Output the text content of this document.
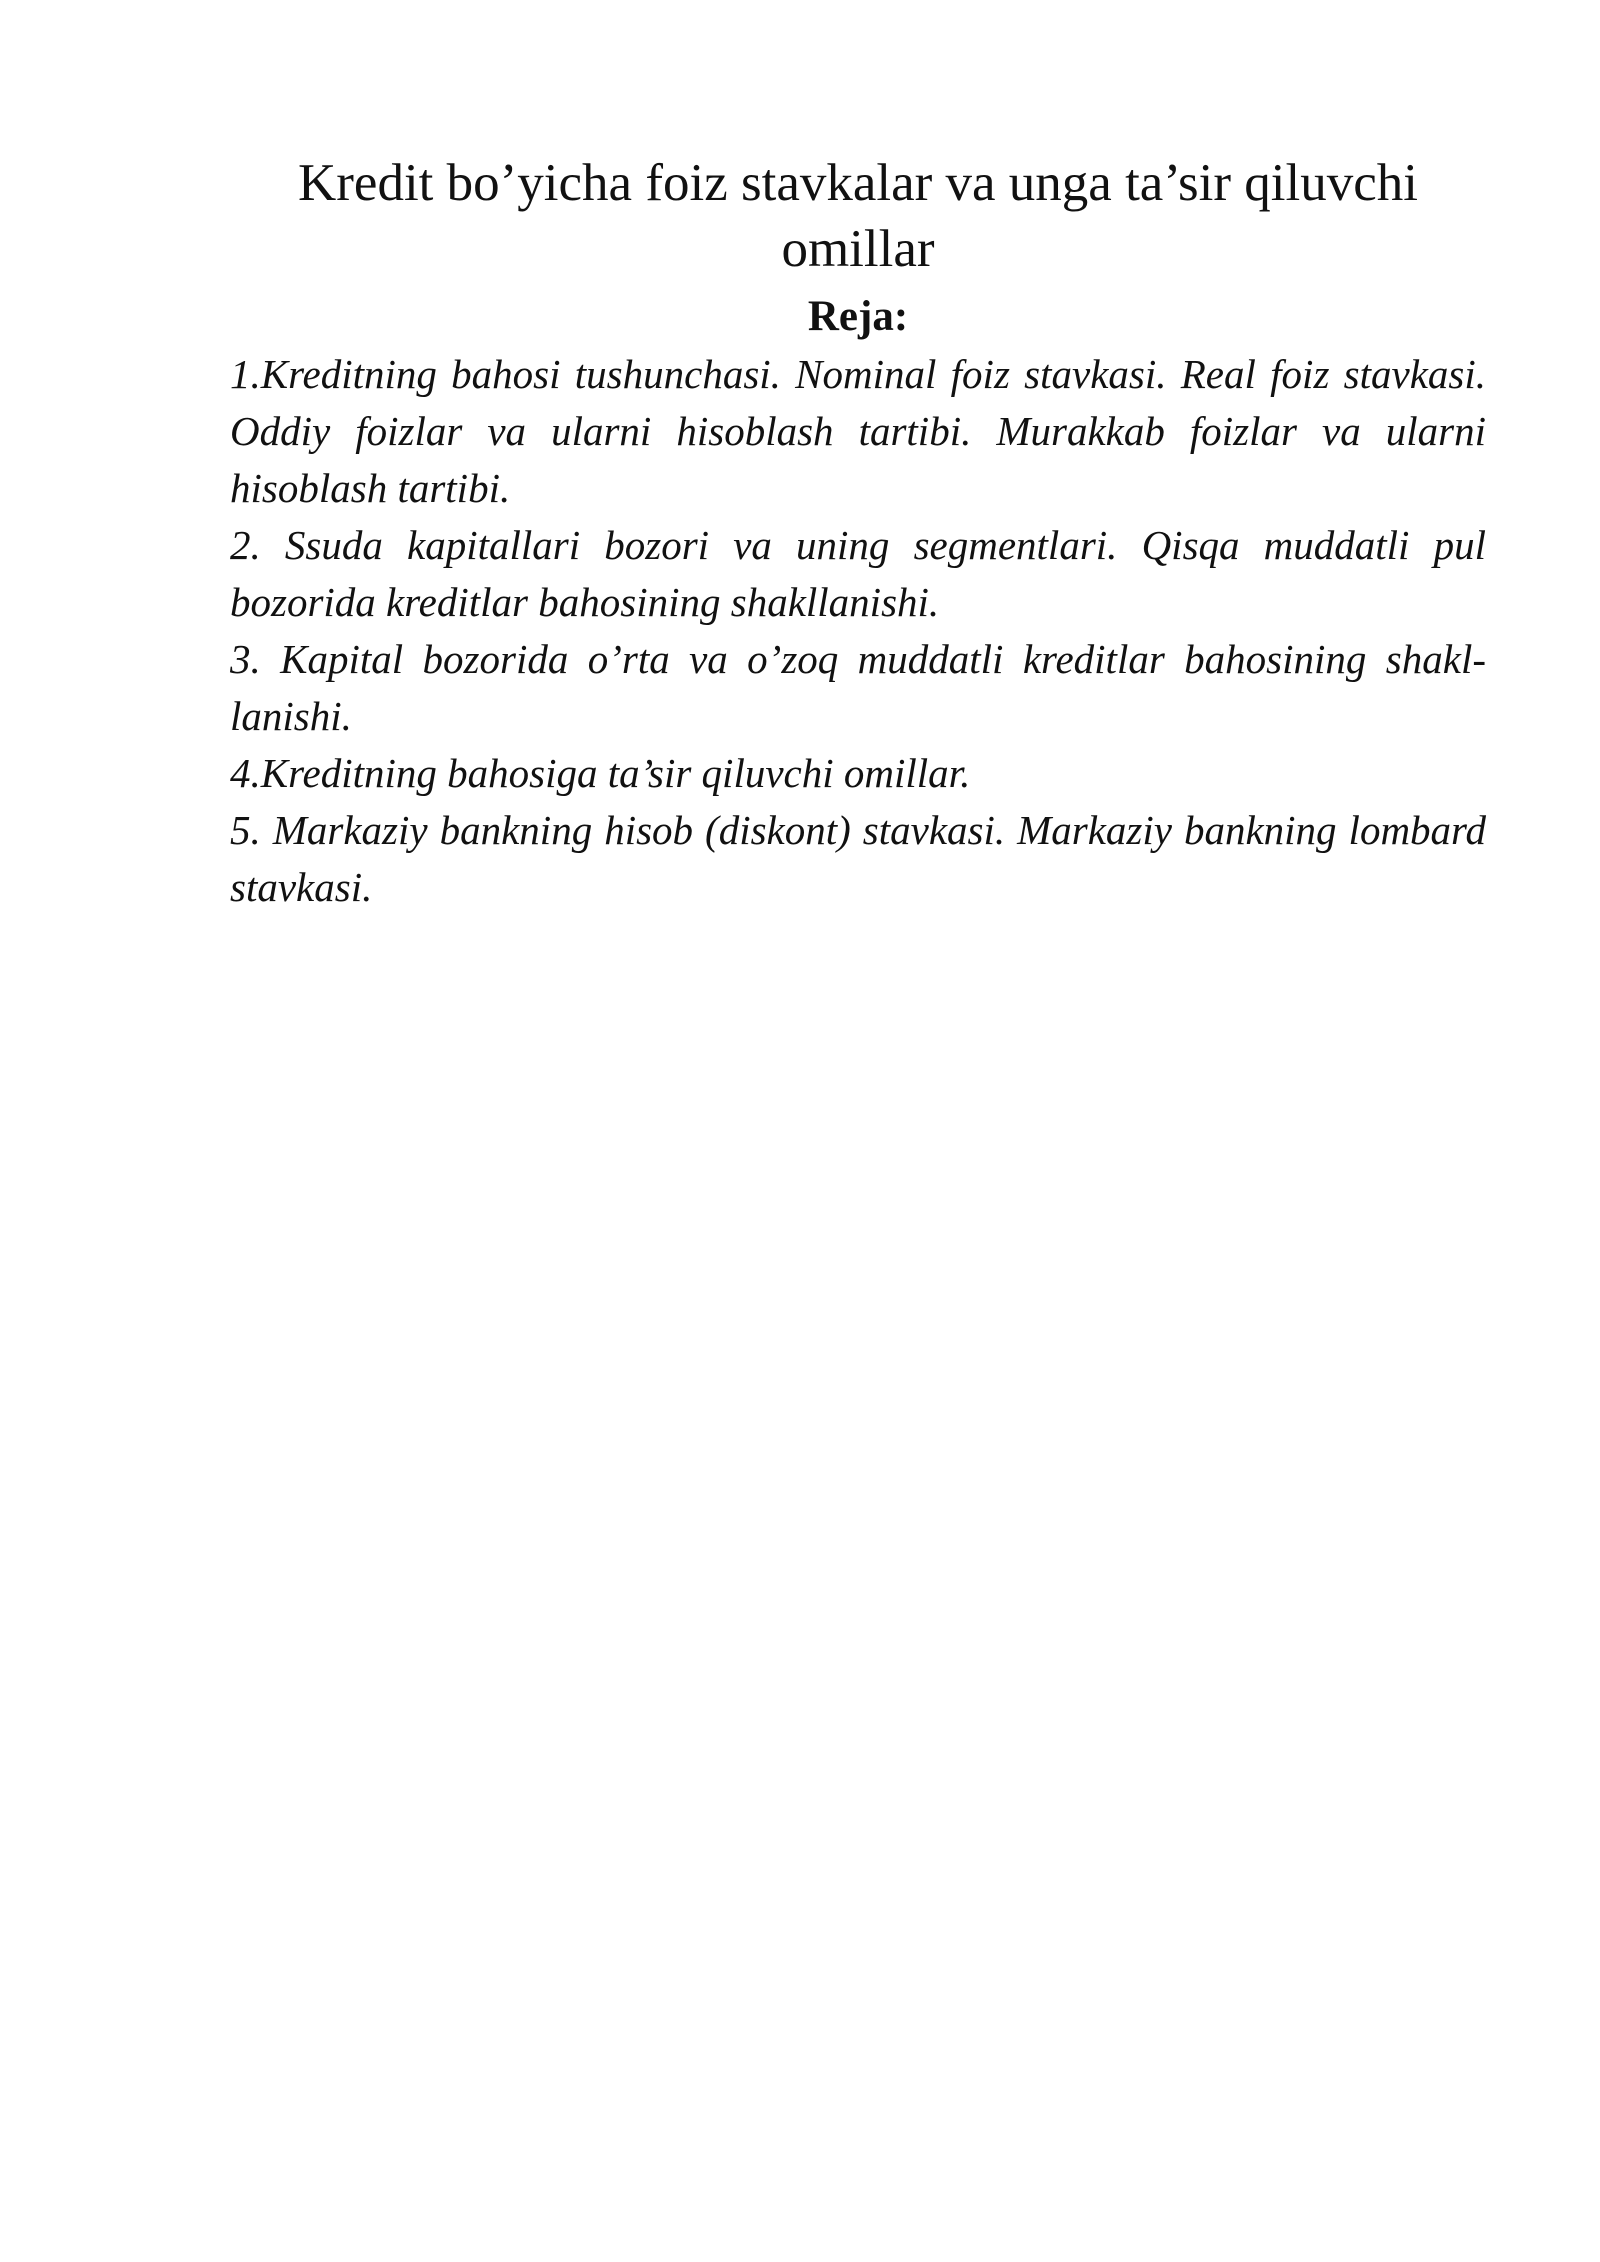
Kredit bo’yicha foiz stavkalar va unga ta’sir qiluvchi omillar
Reja:
1.Kreditning bahosi tushunchasi. Nominal foiz stavkasi. Real foiz stavkasi. Oddiy foizlar va ularni hisoblash tartibi. Murakkab foizlar va ularni hisoblash tartibi.
2. Ssuda kapitallari bozori va uning segmentlari. Qisqa muddatli pul bozorida kreditlar bahosining shakllanishi.
3. Kapital bozorida o’rta va o’zoq muddatli kreditlar bahosining shakllanishi.
4.Kreditning bahosiga ta’sir qiluvchi omillar.
5. Markaziy bankning hisob (diskont) stavkasi. Markaziy bankning lombard stavkasi.
